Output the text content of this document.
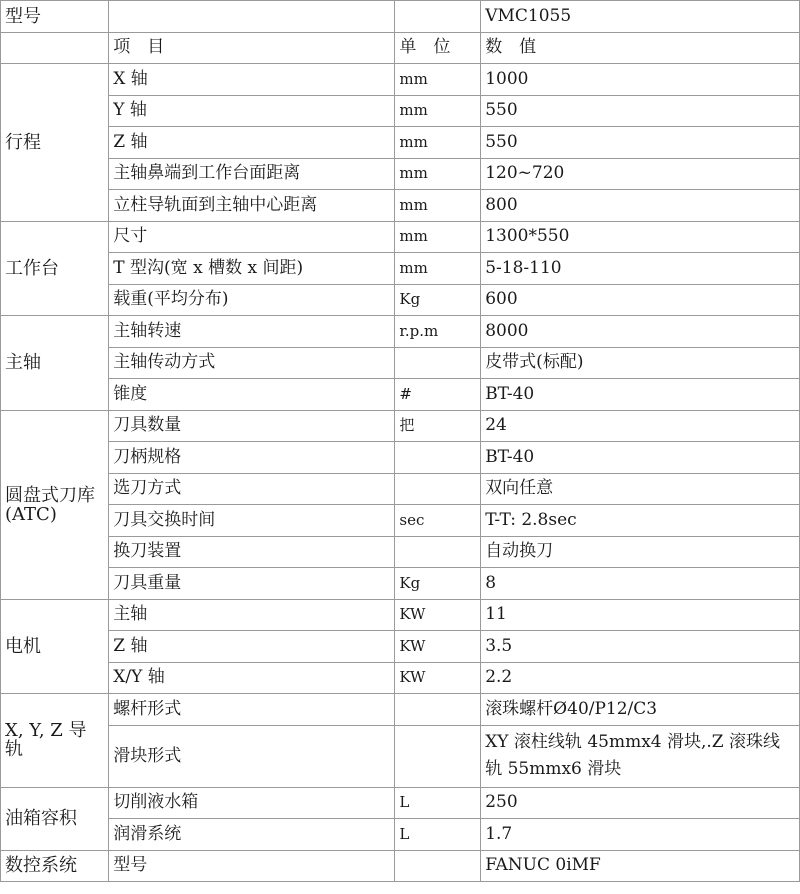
型号			VMC1055
	项　目	单　位	数　值
行程	X 轴	mm	1000
	Y 轴	mm	550
	Z 轴	mm	550
	主轴鼻端到工作台面距离	mm	120~720
	立柱导轨面到主轴中心距离	mm	800
工作台	尺寸	mm	1300*550
	T 型沟(宽 x 槽数 x 间距)	mm	5-18-110
	载重(平均分布)	Kg	600
主轴	主轴转速	r.p.m	8000
	主轴传动方式		皮带式(标配)
	锥度	#	BT-40
圆盘式刀库(ATC)	刀具数量	把	24
	刀柄规格		BT-40
	选刀方式		双向任意
	刀具交换时间	sec	T-T: 2.8sec
	换刀装置		自动换刀
	刀具重量	Kg	8
电机	主轴	KW	11
	Z 轴	KW	3.5
	X/Y 轴	KW	2.2
X, Y, Z 导轨	螺杆形式		滚珠螺杆Ø40/P12/C3
	滑块形式		XY 滚柱线轨 45mmx4 滑块,.Z 滚珠线轨 55mmx6 滑块
油箱容积	切削液水箱	L	250
	润滑系统	L	1.7
数控系统	型号		FANUC 0iMF
